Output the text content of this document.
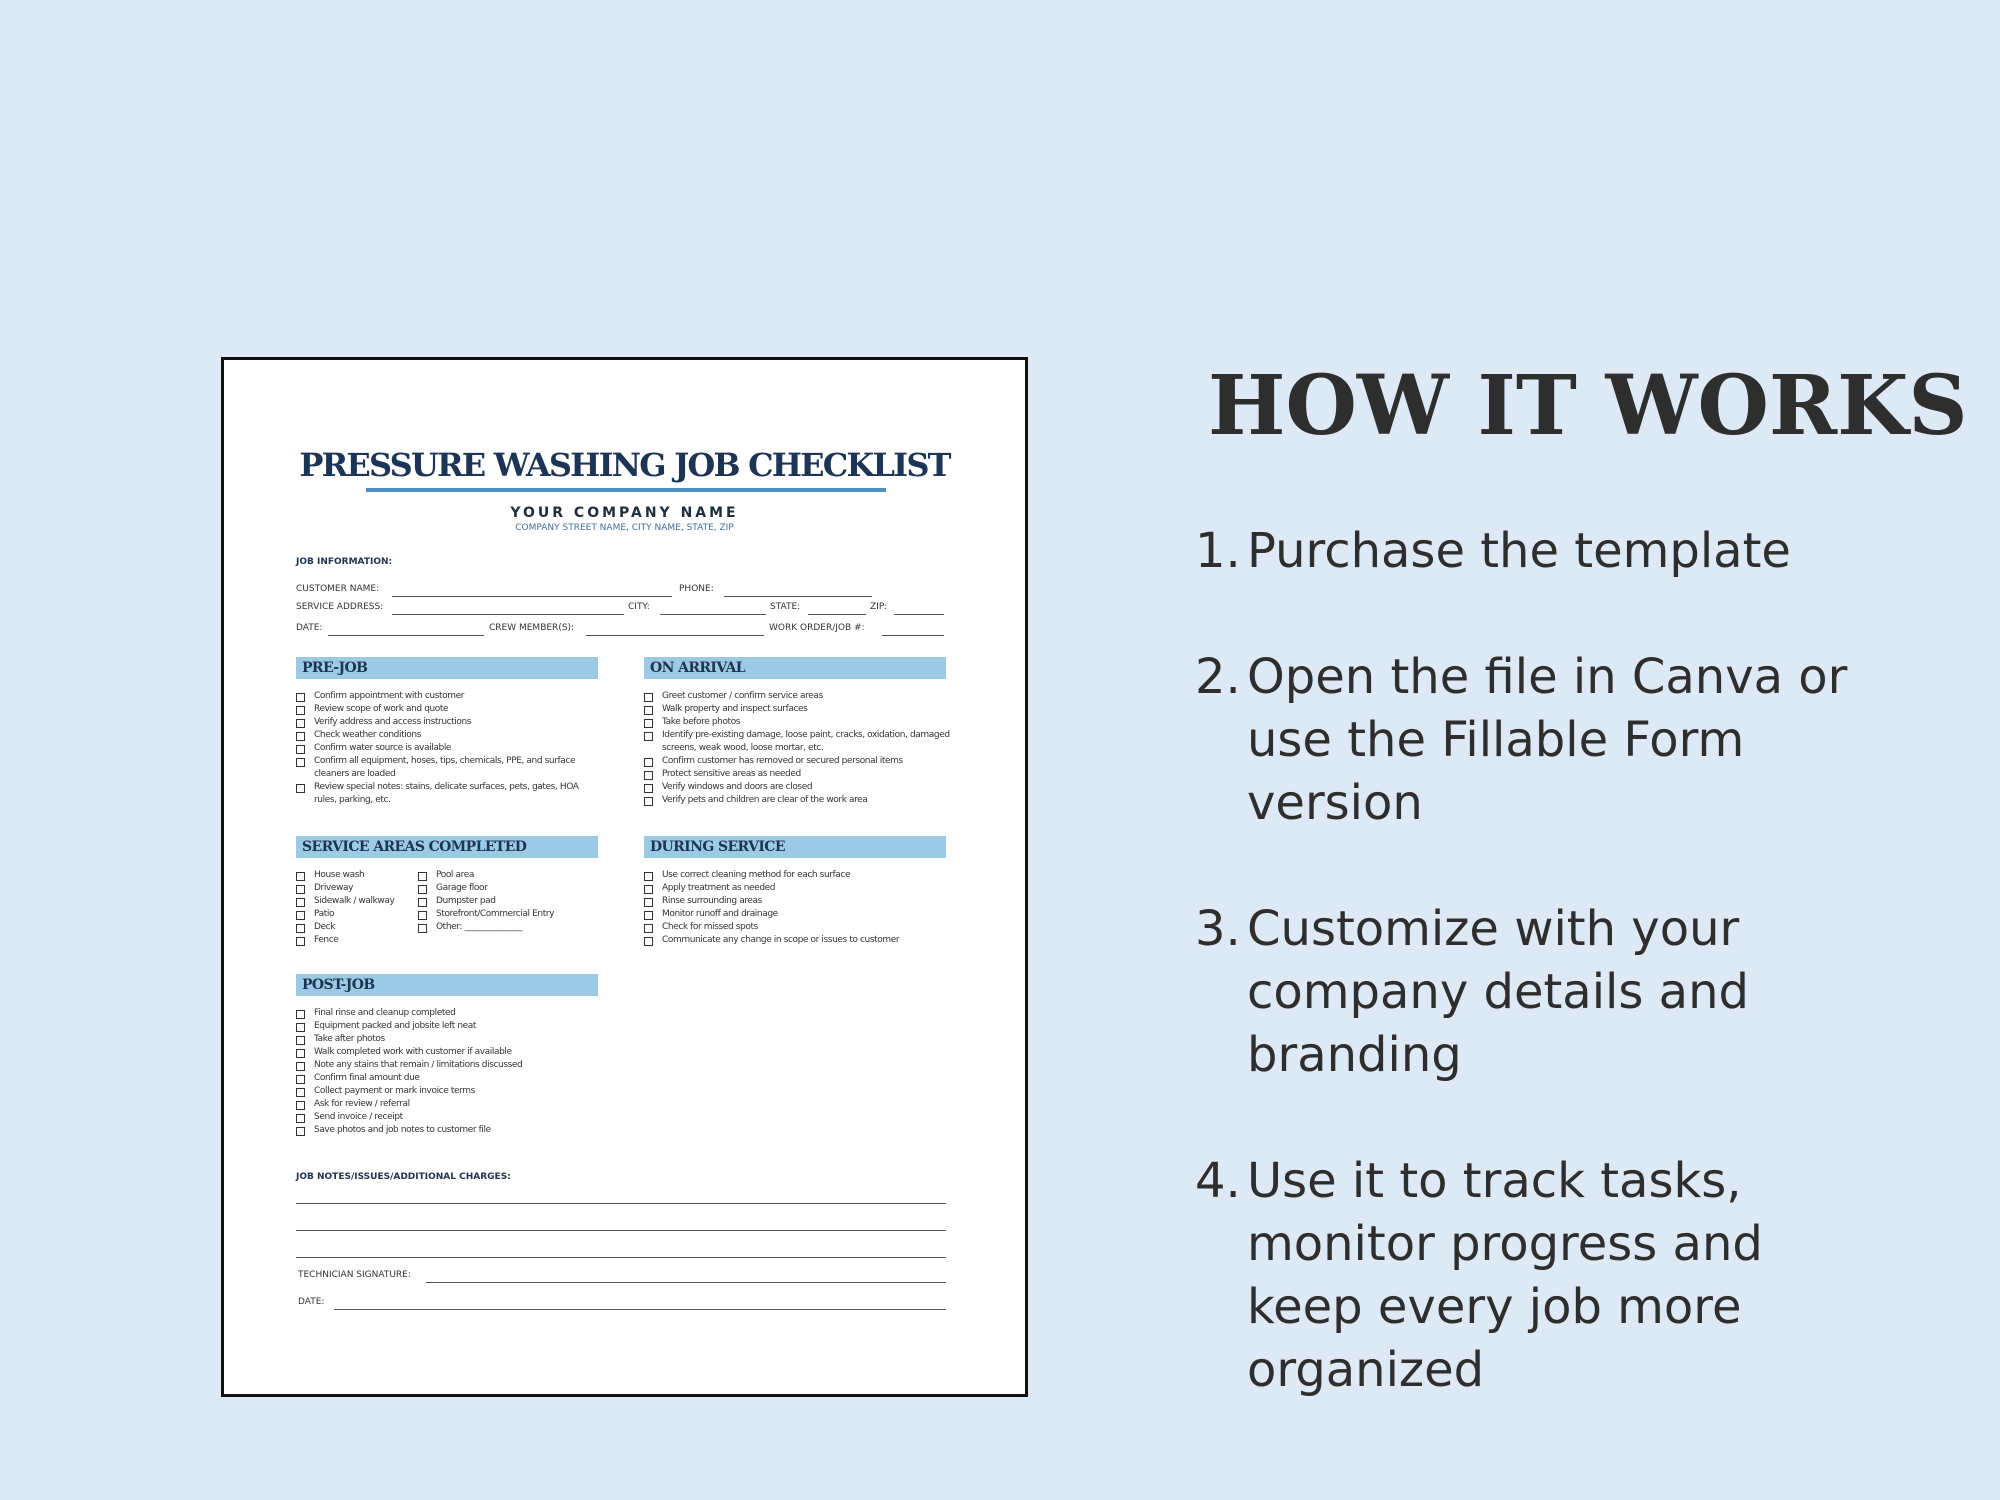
PRESSURE WASHING JOB CHECKLIST
YOUR COMPANY NAME
COMPANY STREET NAME, CITY NAME, STATE, ZIP
JOB INFORMATION:
CUSTOMER NAME:	PHONE:
SERVICE ADDRESS:	CITY:	STATE:	ZIP:
DATE:	CREW MEMBER(S):	WORK ORDER/JOB #:
PRE-JOB
Confirm appointment with customer
Review scope of work and quote
Verify address and access instructions
Check weather conditions
Confirm water source is available
Confirm all equipment, hoses, tips, chemicals, PPE, and surface cleaners are loaded
Review special notes: stains, delicate surfaces, pets, gates, HOA rules, parking, etc.
ON ARRIVAL
Greet customer / confirm service areas
Walk property and inspect surfaces
Take before photos
Identify pre-existing damage, loose paint, cracks, oxidation, damaged screens, weak wood, loose mortar, etc.
Confirm customer has removed or secured personal items
Protect sensitive areas as needed
Verify windows and doors are closed
Verify pets and children are clear of the work area
SERVICE AREAS COMPLETED
House wash
Driveway
Sidewalk / walkway
Patio
Deck
Fence
Pool area
Garage floor
Dumpster pad
Storefront/Commercial Entry
Other: ______________
DURING SERVICE
Use correct cleaning method for each surface
Apply treatment as needed
Rinse surrounding areas
Monitor runoff and drainage
Check for missed spots
Communicate any change in scope or issues to customer
POST-JOB
Final rinse and cleanup completed
Equipment packed and jobsite left neat
Take after photos
Walk completed work with customer if available
Note any stains that remain / limitations discussed
Confirm final amount due
Collect payment or mark invoice terms
Ask for review / referral
Send invoice / receipt
Save photos and job notes to customer file
JOB NOTES/ISSUES/ADDITIONAL CHARGES:
TECHNICIAN SIGNATURE:
DATE:
HOW IT WORKS
1. Purchase the template
2. Open the file in Canva or use the Fillable Form version
3. Customize with your company details and branding
4. Use it to track tasks, monitor progress and keep every job more organized
